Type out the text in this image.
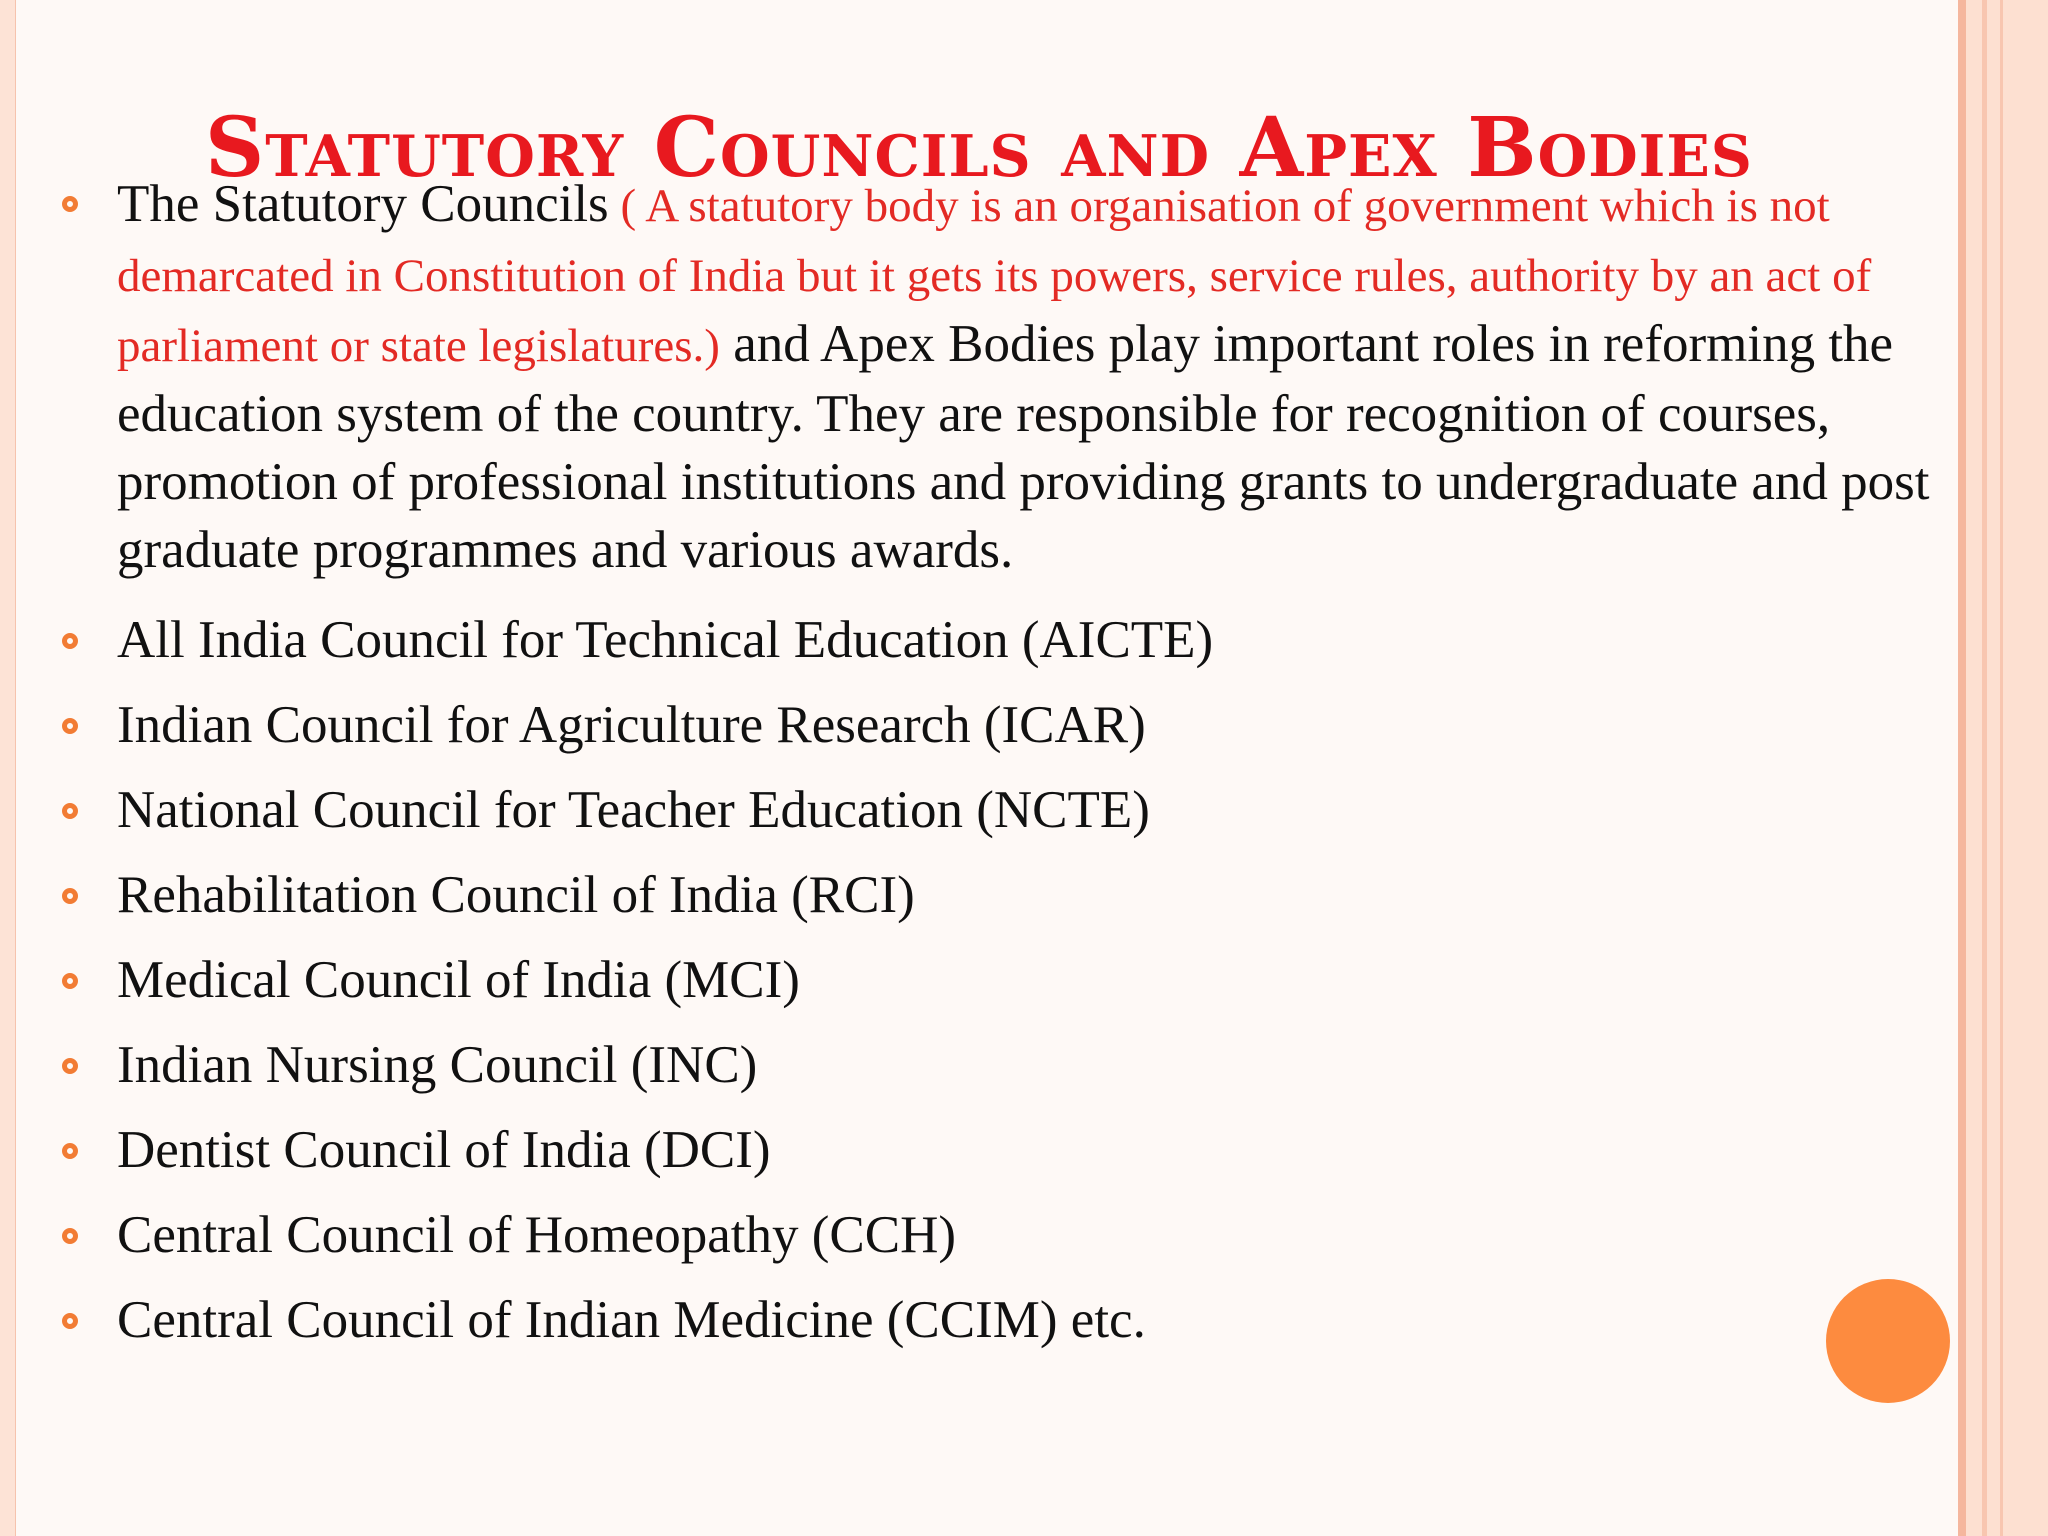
Statutory Councils and Apex Bodies
The Statutory Councils ( A statutory body is an organisation of government which is not demarcated in Constitution of India but it gets its powers, service rules, authority by an act of parliament or state legislatures.) and Apex Bodies play important roles in reforming the education system of the country. They are responsible for recognition of courses, promotion of professional institutions and providing grants to undergraduate and post graduate programmes and various awards.
All India Council for Technical Education (AICTE)
Indian Council for Agriculture Research (ICAR)
National Council for Teacher Education (NCTE)
Rehabilitation Council of India (RCI)
Medical Council of India (MCI)
Indian Nursing Council (INC)
Dentist Council of India (DCI)
Central Council of Homeopathy (CCH)
Central Council of Indian Medicine (CCIM) etc.
